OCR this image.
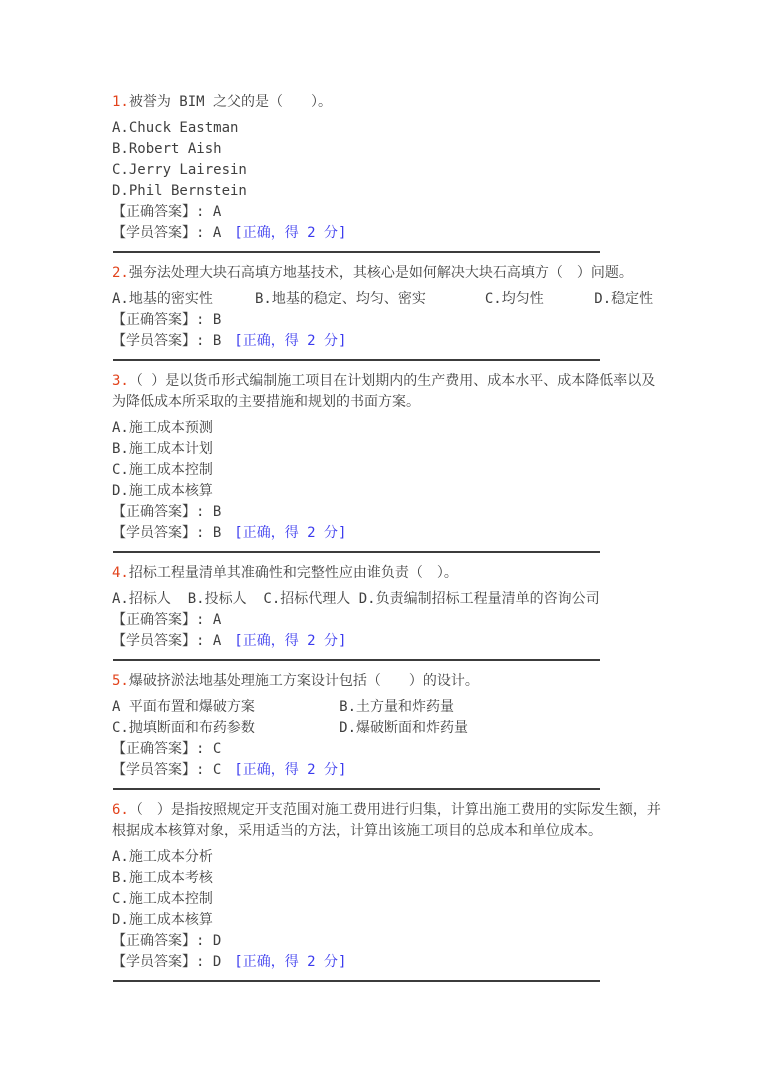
1.被誉为 BIM 之父的是（　　）。

A.Chuck Eastman

B.Robert Aish

C.Jerry Lairesin

D.Phil Bernstein

【正确答案】: A

【学员答案】: A [正确，得 2 分]

2.强夯法处理大块石高填方地基技术，其核心是如何解决大块石高填方（　）问题。

A.地基的密实性     B.地基的稳定、均匀、密实       C.均匀性      D.稳定性

【正确答案】: B

【学员答案】: B [正确，得 2 分]

3.（ ）是以货币形式编制施工项目在计划期内的生产费用、成本水平、成本降低率以及为降低成本所采取的主要措施和规划的书面方案。

A.施工成本预测

B.施工成本计划

C.施工成本控制

D.施工成本核算

【正确答案】: B

【学员答案】: B [正确，得 2 分]

4.招标工程量清单其准确性和完整性应由谁负责（　）。

A.招标人  B.投标人  C.招标代理人 D.负责编制招标工程量清单的咨询公司

【正确答案】: A

【学员答案】: A [正确，得 2 分]

5.爆破挤淤法地基处理施工方案设计包括（　　）的设计。

A 平面布置和爆破方案          B.土方量和炸药量

C.抛填断面和布药参数          D.爆破断面和炸药量

【正确答案】: C

【学员答案】: C [正确，得 2 分]

6.（　）是指按照规定开支范围对施工费用进行归集，计算出施工费用的实际发生额，并根据成本核算对象，采用适当的方法，计算出该施工项目的总成本和单位成本。

A.施工成本分析

B.施工成本考核

C.施工成本控制

D.施工成本核算

【正确答案】: D

【学员答案】: D [正确，得 2 分]
